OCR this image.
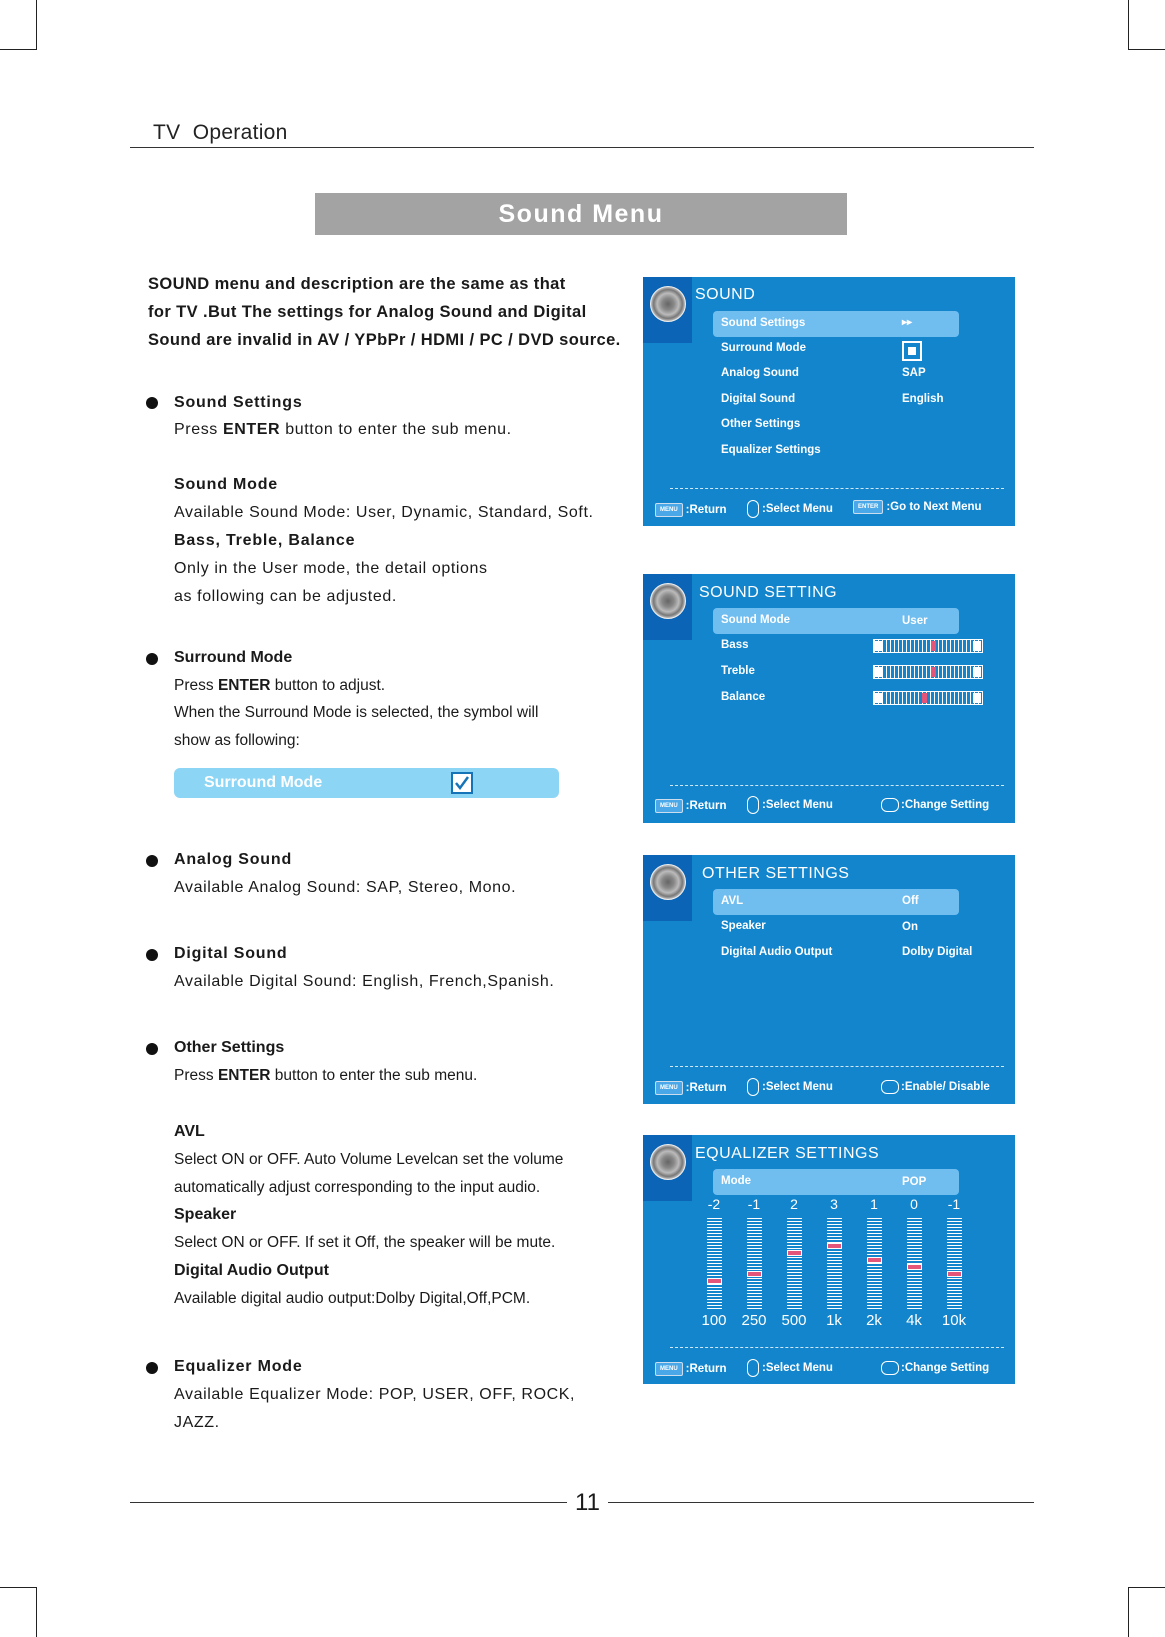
TV  Operation
Sound Menu
SOUND menu and description are the same as that
for TV .But The settings for Analog Sound and Digital
Sound are invalid in AV / YPbPr / HDMI / PC / DVD source.
Sound Settings
Press ENTER button to enter the sub menu.
Sound Mode
Available Sound Mode: User, Dynamic, Standard, Soft.
Bass, Treble, Balance
Only in the User mode, the detail options
as following can be adjusted.
Surround Mode
Press ENTER button to adjust.
When the Surround Mode is selected, the symbol will
show as following:
Surround Mode
Analog Sound
Available Analog Sound: SAP, Stereo, Mono.
Digital Sound
Available Digital Sound: English, French,Spanish.
Other Settings
Press ENTER button to enter the sub menu.
AVL
Select ON or OFF. Auto Volume Levelcan set the volume
automatically adjust corresponding to the input audio.
Speaker
Select ON or OFF. If set it Off, the speaker will be mute.
Digital Audio Output
Available digital audio output:Dolby Digital,Off,PCM.
Equalizer Mode
Available Equalizer Mode: POP, USER, OFF, ROCK,
JAZZ.
SOUND
Sound Settings	▸▸
Surround Mode
Analog Sound	SAP
Digital Sound	English
Other Settings
Equalizer Settings
MENU :Return	:Select Menu	ENTER :Go to Next Menu
SOUND SETTING
Sound Mode	User
Bass
Treble
Balance
MENU :Return	:Select Menu	:Change Setting
OTHER SETTINGS
AVL	Off
Speaker	On
Digital Audio Output	Dolby Digital
MENU :Return	:Select Menu	:Enable/ Disable
EQUALIZER SETTINGS
Mode	POP
MENU :Return	:Select Menu	:Change Setting
-2
100
-1
250
2
500
3
1k
1
2k
0
4k
-1
10k
11
